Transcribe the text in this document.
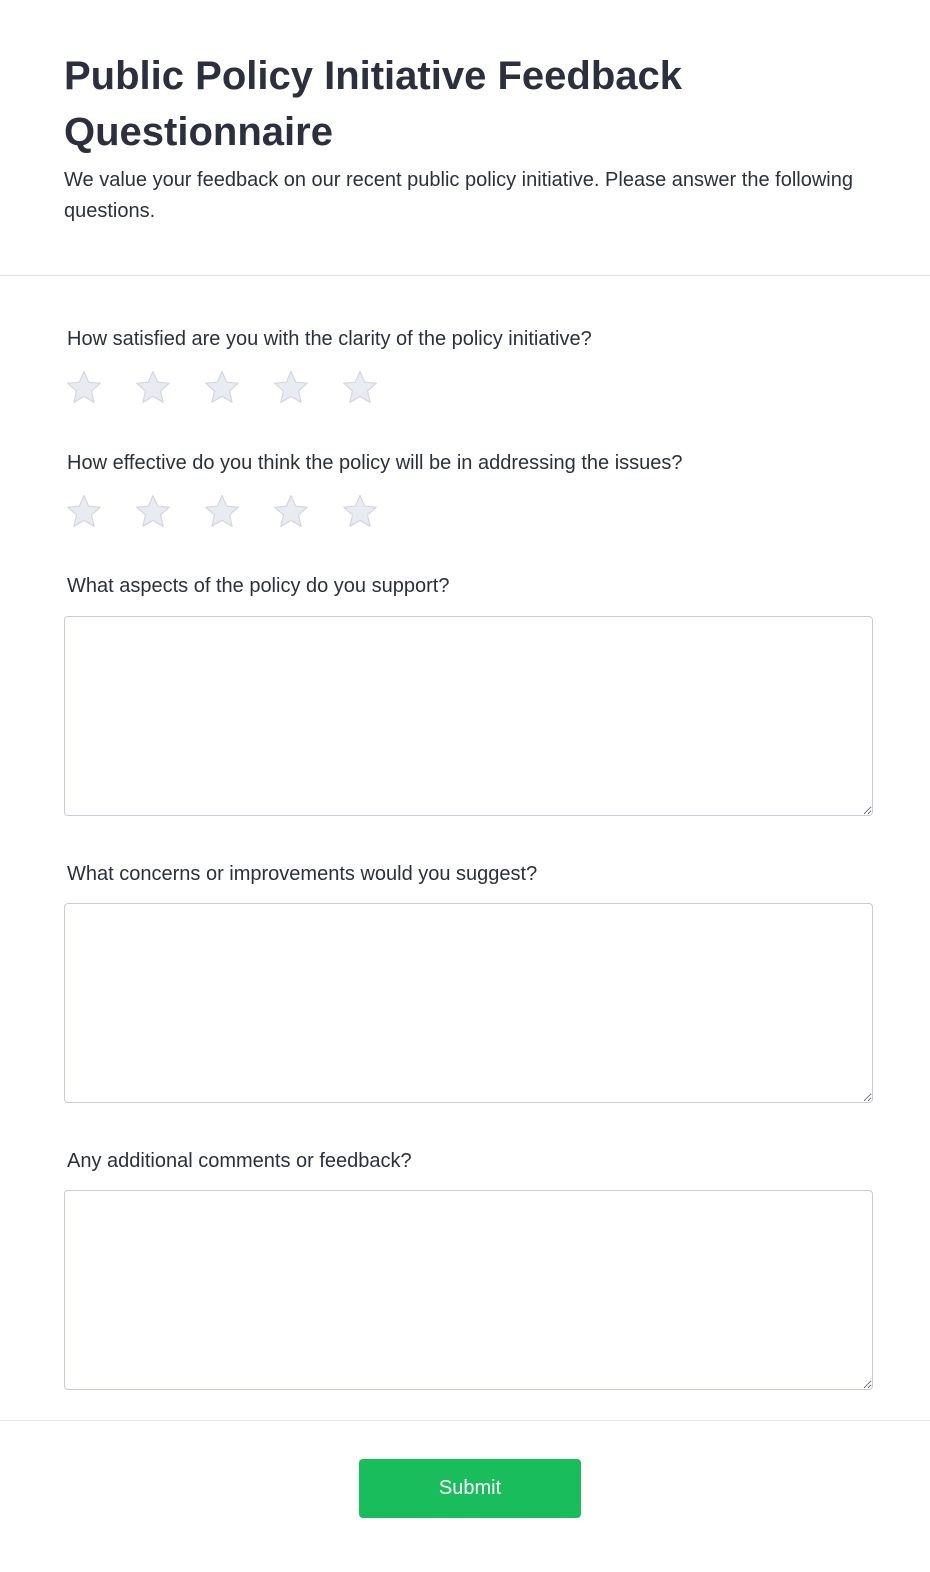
Public Policy Initiative Feedback Questionnaire

We value your feedback on our recent public policy initiative. Please answer the following questions.

How satisfied are you with the clarity of the policy initiative?

How effective do you think the policy will be in addressing the issues?

What aspects of the policy do you support?

What concerns or improvements would you suggest?

Any additional comments or feedback?

Submit
